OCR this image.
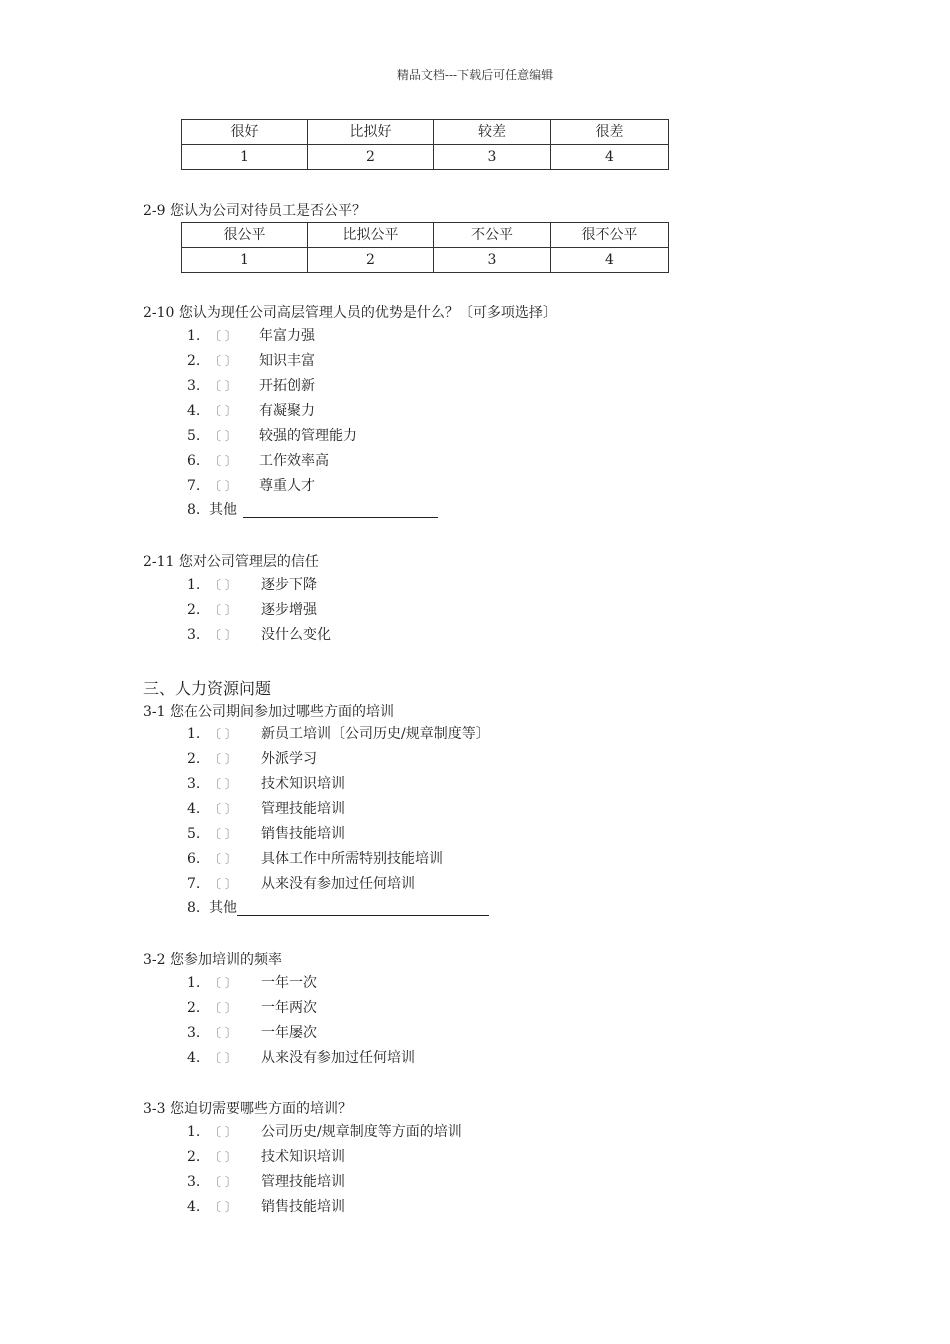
精品文档---下载后可任意编辑
很好	比拟好	较差	很差
1	2	3	4
2-9 您认为公司对待员工是否公平？
很公平	比拟公平	不公平	很不公平
1	2	3	4
2-10 您认为现任公司高层管理人员的优势是什么？〔可多项选择〕
1. 〔 〕 年富力强
2. 〔 〕 知识丰富
3. 〔 〕 开拓创新
4. 〔 〕 有凝聚力
5. 〔 〕 较强的管理能力
6. 〔 〕 工作效率高
7. 〔 〕 尊重人才
8. 其他
2-11 您对公司管理层的信任
1. 〔 〕 逐步下降
2. 〔 〕 逐步增强
3. 〔 〕 没什么变化
三、人力资源问题
3-1 您在公司期间参加过哪些方面的培训
1. 〔 〕 新员工培训〔公司历史/规章制度等〕
2. 〔 〕 外派学习
3. 〔 〕 技术知识培训
4. 〔 〕 管理技能培训
5. 〔 〕 销售技能培训
6. 〔 〕 具体工作中所需特别技能培训
7. 〔 〕 从来没有参加过任何培训
8. 其他
3-2 您参加培训的频率
1. 〔 〕 一年一次
2. 〔 〕 一年两次
3. 〔 〕 一年屡次
4. 〔 〕 从来没有参加过任何培训
3-3 您迫切需要哪些方面的培训？
1. 〔 〕 公司历史/规章制度等方面的培训
2. 〔 〕 技术知识培训
3. 〔 〕 管理技能培训
4. 〔 〕 销售技能培训
